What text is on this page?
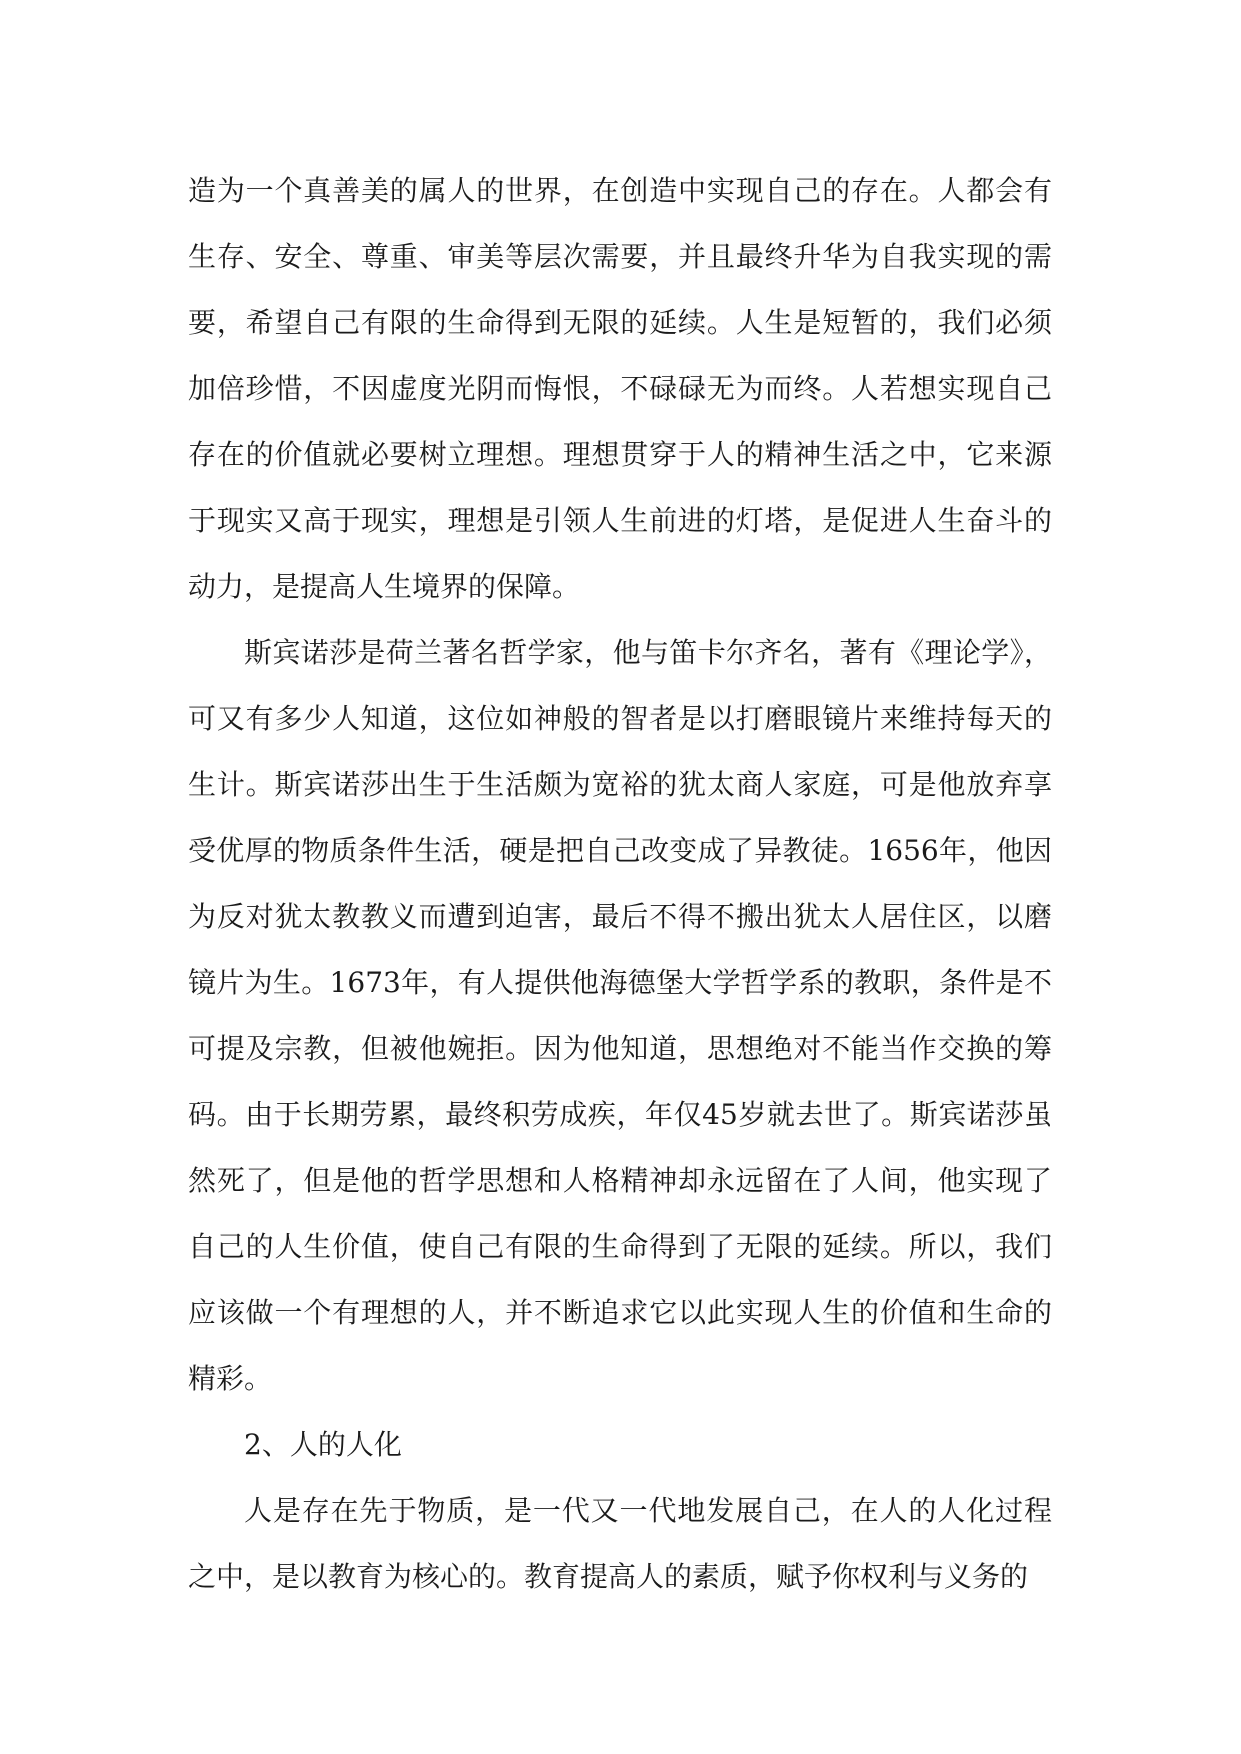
造为一个真善美的属人的世界，在创造中实现自己的存在。人都会有生存、安全、尊重、审美等层次需要，并且最终升华为自我实现的需要，希望自己有限的生命得到无限的延续。人生是短暂的，我们必须加倍珍惜，不因虚度光阴而悔恨，不碌碌无为而终。人若想实现自己存在的价值就必要树立理想。理想贯穿于人的精神生活之中，它来源于现实又高于现实，理想是引领人生前进的灯塔，是促进人生奋斗的动力，是提高人生境界的保障。

斯宾诺莎是荷兰著名哲学家，他与笛卡尔齐名，著有《理论学》，可又有多少人知道，这位如神般的智者是以打磨眼镜片来维持每天的生计。斯宾诺莎出生于生活颇为宽裕的犹太商人家庭，可是他放弃享受优厚的物质条件生活，硬是把自己改变成了异教徒。1656年，他因为反对犹太教教义而遭到迫害，最后不得不搬出犹太人居住区，以磨镜片为生。1673年，有人提供他海德堡大学哲学系的教职，条件是不可提及宗教，但被他婉拒。因为他知道，思想绝对不能当作交换的筹码。由于长期劳累，最终积劳成疾，年仅45岁就去世了。斯宾诺莎虽然死了，但是他的哲学思想和人格精神却永远留在了人间，他实现了自己的人生价值，使自己有限的生命得到了无限的延续。所以，我们应该做一个有理想的人，并不断追求它以此实现人生的价值和生命的精彩。

2、人的人化

人是存在先于物质，是一代又一代地发展自己，在人的人化过程之中，是以教育为核心的。教育提高人的素质，赋予你权利与义务的
